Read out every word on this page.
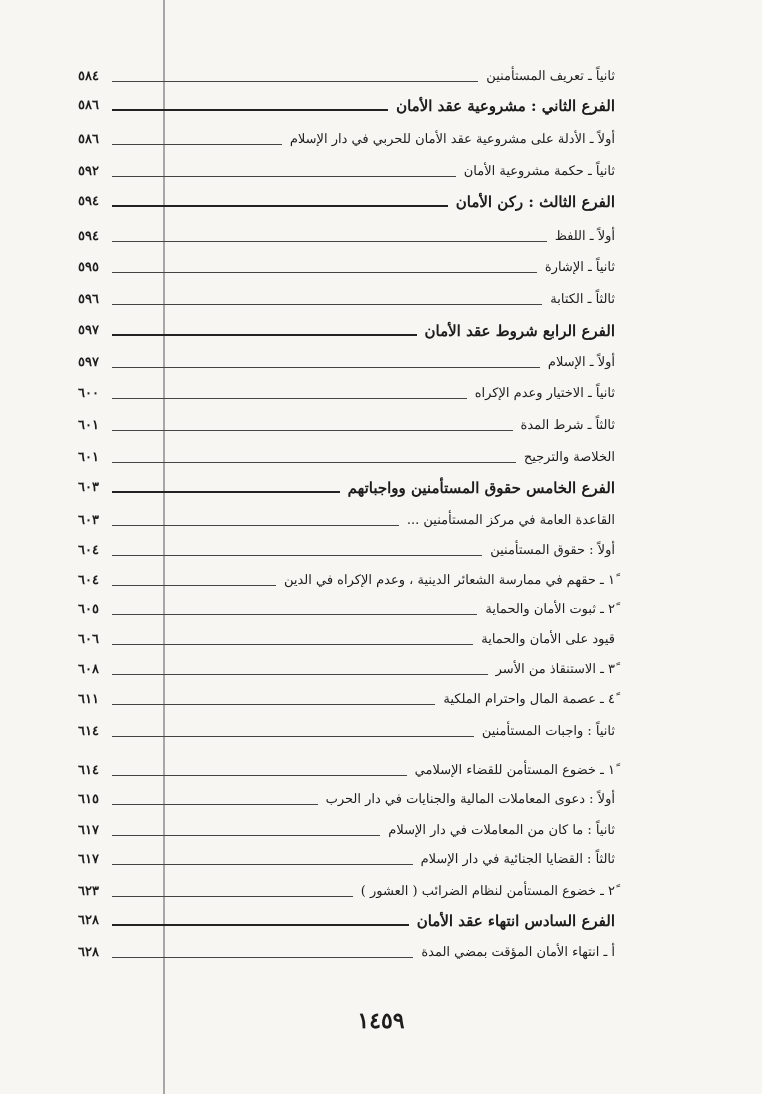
ثانياً ـ تعريف المستأمنين
٥٨٤
الفرع الثاني : مشروعية عقد الأمان
٥٨٦
أولاً ـ الأدلة على مشروعية عقد الأمان للحربي في دار الإسلام
٥٨٦
ثانياً ـ حكمة مشروعية الأمان
٥٩٢
الفرع الثالث : ركن الأمان
٥٩٤
أولاً ـ اللفظ
٥٩٤
ثانياً ـ الإشارة
٥٩٥
ثالثاً ـ الكتابة
٥٩٦
الفرع الرابع شروط عقد الأمان
٥٩٧
أولاً ـ الإسلام
٥٩٧
ثانياً ـ الاختيار وعدم الإكراه
٦٠٠
ثالثاً ـ شرط المدة
٦٠١
الخلاصة والترجيح
٦٠١
الفرع الخامس حقوق المستأمنين وواجباتهم
٦٠٣
القاعدة العامة في مركز المستأمنين ...
٦٠٣
أولاً : حقوق المستأمنين
٦٠٤
١ً ـ حقهم في ممارسة الشعائر الدينية ، وعدم الإكراه في الدين
٦٠٤
٢ً ـ ثبوت الأمان والحماية
٦٠٥
قيود على الأمان والحماية
٦٠٦
٣ً ـ الاستنقاذ من الأسر
٦٠٨
٤ً ـ عصمة المال واحترام الملكية
٦١١
ثانياً : واجبات المستأمنين
٦١٤
١ً ـ خضوع المستأمن للقضاء الإسلامي
٦١٤
أولاً : دعوى المعاملات المالية والجنايات في دار الحرب
٦١٥
ثانياً : ما كان من المعاملات في دار الإسلام
٦١٧
ثالثاً : القضايا الجنائية في دار الإسلام
٦١٧
٢ً ـ خضوع المستأمن لنظام الضرائب ( العشور )
٦٢٣
الفرع السادس انتهاء عقد الأمان
٦٢٨
أ ـ انتهاء الأمان المؤقت بمضي المدة
٦٢٨
١٤٥٩
